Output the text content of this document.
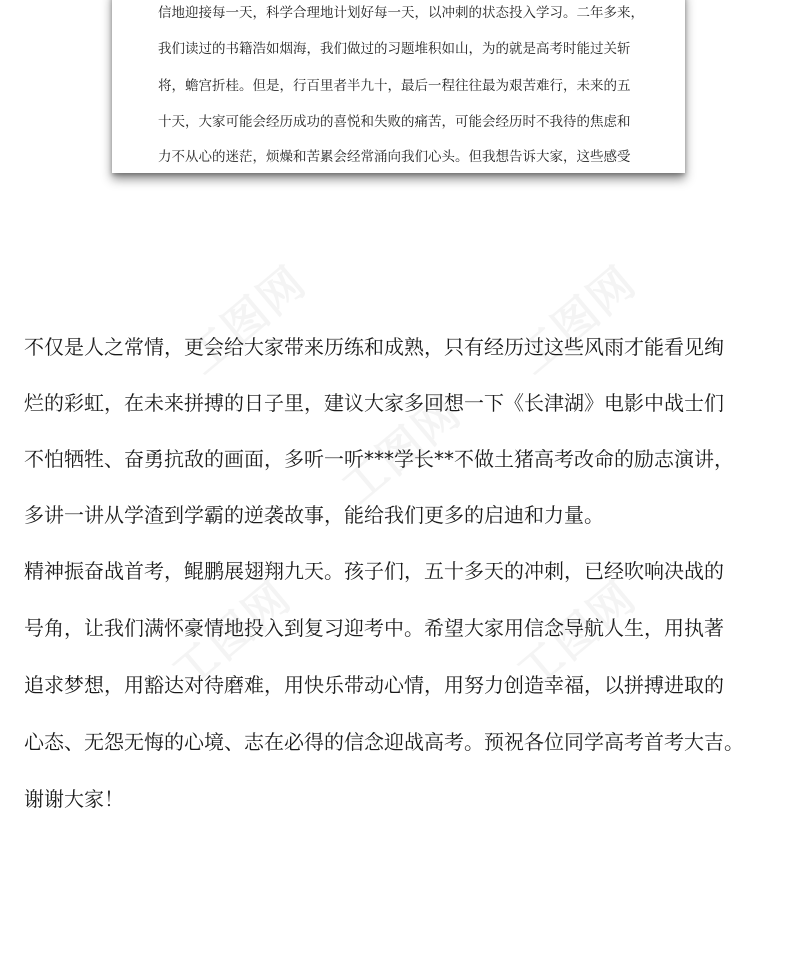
信地迎接每一天，科学合理地计划好每一天，以冲刺的状态投入学习。二年多来，
我们读过的书籍浩如烟海，我们做过的习题堆积如山，为的就是高考时能过关斩
将，蟾宫折桂。但是，行百里者半九十，最后一程往往最为艰苦难行，未来的五
十天，大家可能会经历成功的喜悦和失败的痛苦，可能会经历时不我待的焦虑和
力不从心的迷茫，烦燥和苦累会经常涌向我们心头。但我想告诉大家，这些感受
不仅是人之常情，更会给大家带来历练和成熟，只有经历过这些风雨才能看见绚
烂的彩虹，在未来拼搏的日子里，建议大家多回想一下《长津湖》电影中战士们
不怕牺牲、奋勇抗敌的画面，多听一听***学长**不做土猪高考改命的励志演讲，
多讲一讲从学渣到学霸的逆袭故事，能给我们更多的启迪和力量。
精神振奋战首考，鲲鹏展翅翔九天。孩子们，五十多天的冲刺，已经吹响决战的
号角，让我们满怀豪情地投入到复习迎考中。希望大家用信念导航人生，用执著
追求梦想，用豁达对待磨难，用快乐带动心情，用努力创造幸福，以拼搏进取的
心态、无怨无悔的心境、志在必得的信念迎战高考。预祝各位同学高考首考大吉。
谢谢大家！
